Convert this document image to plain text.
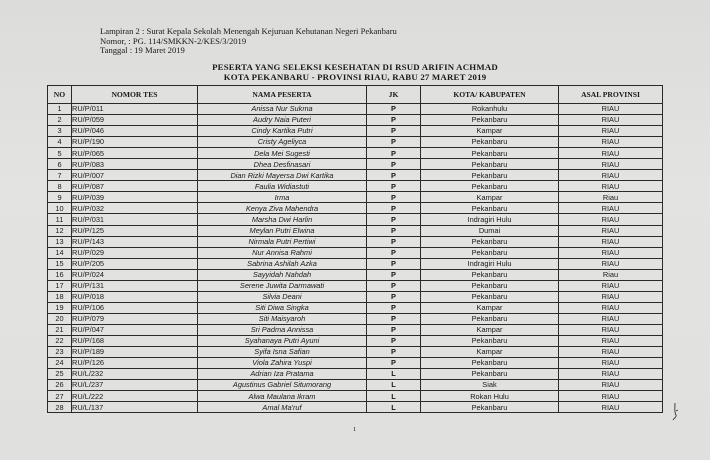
Lampiran 2 : Surat Kepala Sekolah Menengah Kejuruan Kehutanan Negeri Pekanbaru
Nomor, : PG. 114/SMKKN-2/KES/3/2019
Tanggal : 19 Maret 2019
PESERTA YANG SELEKSI KESEHATAN DI RSUD ARIFIN ACHMAD
KOTA PEKANBARU - PROVINSI RIAU, RABU 27 MARET 2019
NO	NOMOR TES	NAMA PESERTA	JK	KOTA/ KABUPATEN	ASAL PROVINSI
1	RU/P/011	Anissa Nur Sukma	P	Rokanhulu	RIAU
2	RU/P/059	Audry Naia Puteri	P	Pekanbaru	RIAU
3	RU/P/046	Cindy Kartika Putri	P	Kampar	RIAU
4	RU/P/190	Cristy Ageliyca	P	Pekanbaru	RIAU
5	RU/P/065	Dela Mei Sugesti	P	Pekanbaru	RIAU
6	RU/P/083	Dhea Desfinasari	P	Pekanbaru	RIAU
7	RU/P/007	Dian Rizki Mayersa Dwi Kartika	P	Pekanbaru	RIAU
8	RU/P/087	Faulia Widiastuti	P	Pekanbaru	RIAU
9	RU/P/039	Irma	P	Kampar	Riau
10	RU/P/032	Kenya Ziva Mahendra	P	Pekanbaru	RIAU
11	RU/P/031	Marsha Dwi Harlin	P	Indragiri Hulu	RIAU
12	RU/P/125	Meylan Putri Elwina	P	Dumai	RIAU
13	RU/P/143	Nirmala Putri Pertiwi	P	Pekanbaru	RIAU
14	RU/P/029	Nur Annisa Rahmi	P	Pekanbaru	RIAU
15	RU/P/205	Sabrina Ashilah Azka	P	Indragiri Hulu	RIAU
16	RU/P/024	Sayyidah Nahdah	P	Pekanbaru	Riau
17	RU/P/131	Serene Juwita Darmawati	P	Pekanbaru	RIAU
18	RU/P/018	Silvia Deani	P	Pekanbaru	RIAU
19	RU/P/106	Siti Diwa Singka	P	Kampar	RIAU
20	RU/P/079	Siti Maisyaroh	P	Pekanbaru	RIAU
21	RU/P/047	Sri Padma Annissa	P	Kampar	RIAU
22	RU/P/168	Syahanaya Putri Ayuni	P	Pekanbaru	RIAU
23	RU/P/189	Syifa Isna Safian	P	Kampar	RIAU
24	RU/P/126	Viola Zahira Yuspi	P	Pekanbaru	RIAU
25	RU/L/232	Adrian Iza Pratama	L	Pekanbaru	RIAU
26	RU/L/237	Agustinus Gabriel Situmorang	L	Siak	RIAU
27	RU/L/222	Alwa Maulana Ikram	L	Rokan Hulu	RIAU
28	RU/L/137	Amal Ma'ruf	L	Pekanbaru	RIAU
1
